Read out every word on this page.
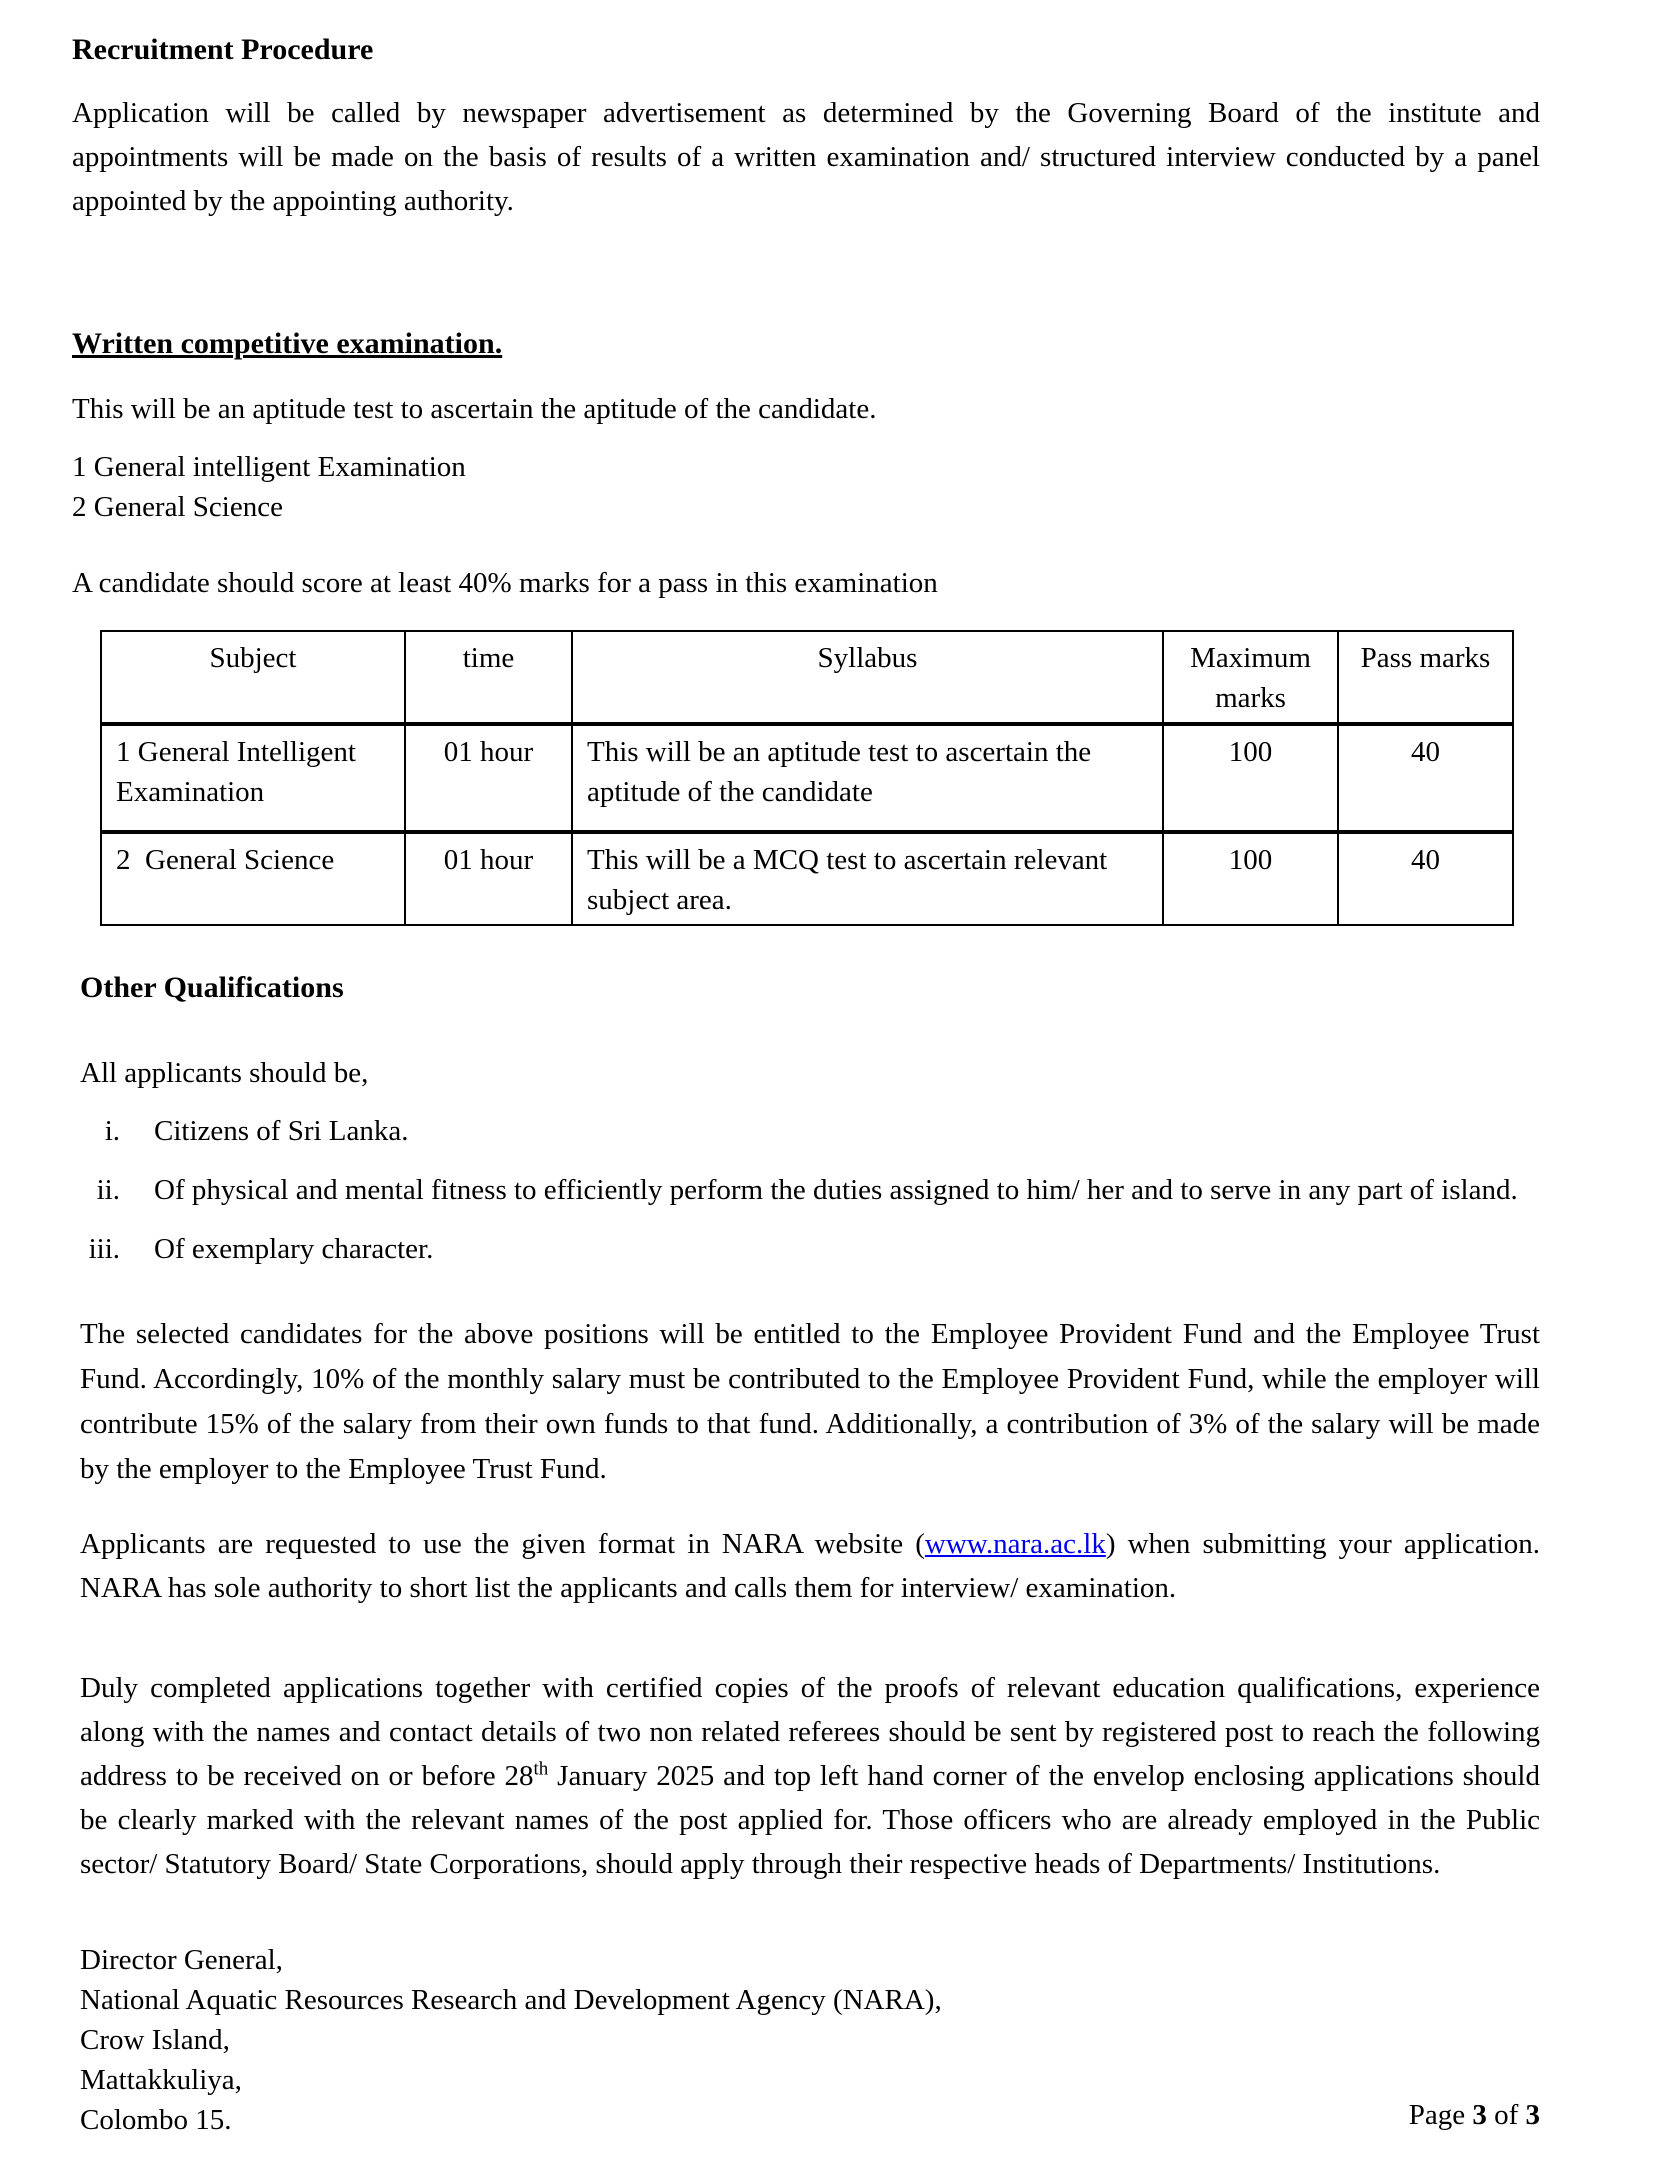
Recruitment Procedure

Application will be called by newspaper advertisement as determined by the Governing Board of the institute and appointments will be made on the basis of results of a written examination and/ structured interview conducted by a panel appointed by the appointing authority.

Written competitive examination.

This will be an aptitude test to ascertain the aptitude of the candidate.

1 General intelligent Examination
2 General Science

A candidate should score at least 40% marks for a pass in this examination

Subject	time	Syllabus	Maximum marks	Pass marks
1 General Intelligent Examination	01 hour	This will be an aptitude test to ascertain the aptitude of the candidate	100	40
2  General Science	01 hour	This will be a MCQ test to ascertain relevant subject area.	100	40
Other Qualifications

All applicants should be,

i. Citizens of Sri Lanka.
ii. Of physical and mental fitness to efficiently perform the duties assigned to him/ her and to serve in any part of island.
iii. Of exemplary character.

The selected candidates for the above positions will be entitled to the Employee Provident Fund and the Employee Trust Fund. Accordingly, 10% of the monthly salary must be contributed to the Employee Provident Fund, while the employer will contribute 15% of the salary from their own funds to that fund. Additionally, a contribution of 3% of the salary will be made by the employer to the Employee Trust Fund.

Applicants are requested to use the given format in NARA website (www.nara.ac.lk) when submitting your application. NARA has sole authority to short list the applicants and calls them for interview/ examination.

Duly completed applications together with certified copies of the proofs of relevant education qualifications, experience along with the names and contact details of two non related referees should be sent by registered post to reach the following address to be received on or before 28th January 2025 and top left hand corner of the envelop enclosing applications should be clearly marked with the relevant names of the post applied for. Those officers who are already employed in the Public sector/ Statutory Board/ State Corporations, should apply through their respective heads of Departments/ Institutions.

Director General,
National Aquatic Resources Research and Development Agency (NARA),
Crow Island,
Mattakkuliya,
Colombo 15.	Page 3 of 3
